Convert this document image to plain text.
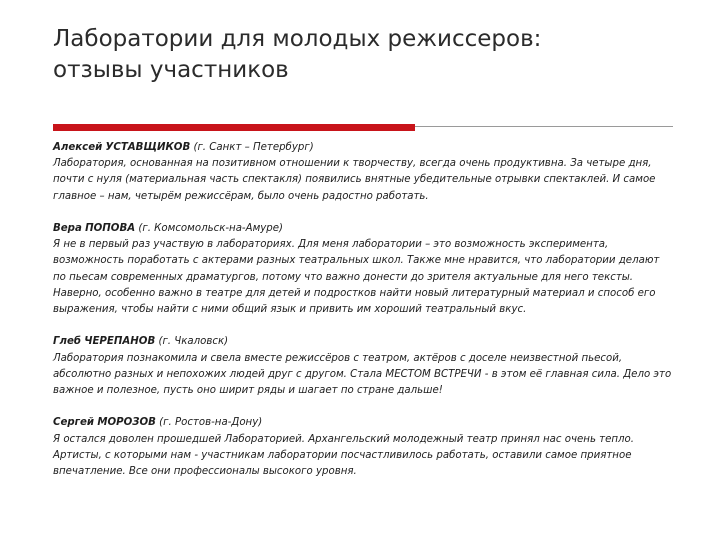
Лаборатории для молодых режиссеров:
отзывы участников

Алексей УСТАВЩИКОВ (г. Санкт – Петербург)

Лаборатория, основанная на позитивном отношении к творчеству, всегда очень продуктивна. За четыре дня, почти с нуля (материальная часть спектакля) появились внятные убедительные отрывки спектаклей. И самое главное – нам, четырём режиссёрам, было очень радостно работать.

Вера ПОПОВА (г. Комсомольск-на-Амуре)

Я не в первый раз участвую в лабораториях. Для меня лаборатории – это возможность эксперимента, возможность поработать с актерами разных театральных школ. Также мне нравится, что лаборатории делают по пьесам современных драматургов, потому что важно донести до зрителя актуальные для него тексты. Наверно, особенно важно в театре для детей и подростков найти новый литературный материал и способ его выражения, чтобы найти с ними общий язык и привить им хороший театральный вкус.

Глеб ЧЕРЕПАНОВ (г. Чкаловск)

Лаборатория познакомила и свела вместе режиссёров с театром, актёров с доселе неизвестной пьесой, абсолютно разных и непохожих людей друг с другом. Стала МЕСТОМ ВСТРЕЧИ - в этом её главная сила. Дело это важное и полезное, пусть оно ширит ряды и шагает по стране дальше!

Сергей МОРОЗОВ (г. Ростов-на-Дону)

Я остался доволен прошедшей Лабораторией. Архангельский молодежный театр принял нас очень тепло. Артисты, с которыми нам - участникам лаборатории посчастливилось работать, оставили самое приятное впечатление. Все они профессионалы высокого уровня.
